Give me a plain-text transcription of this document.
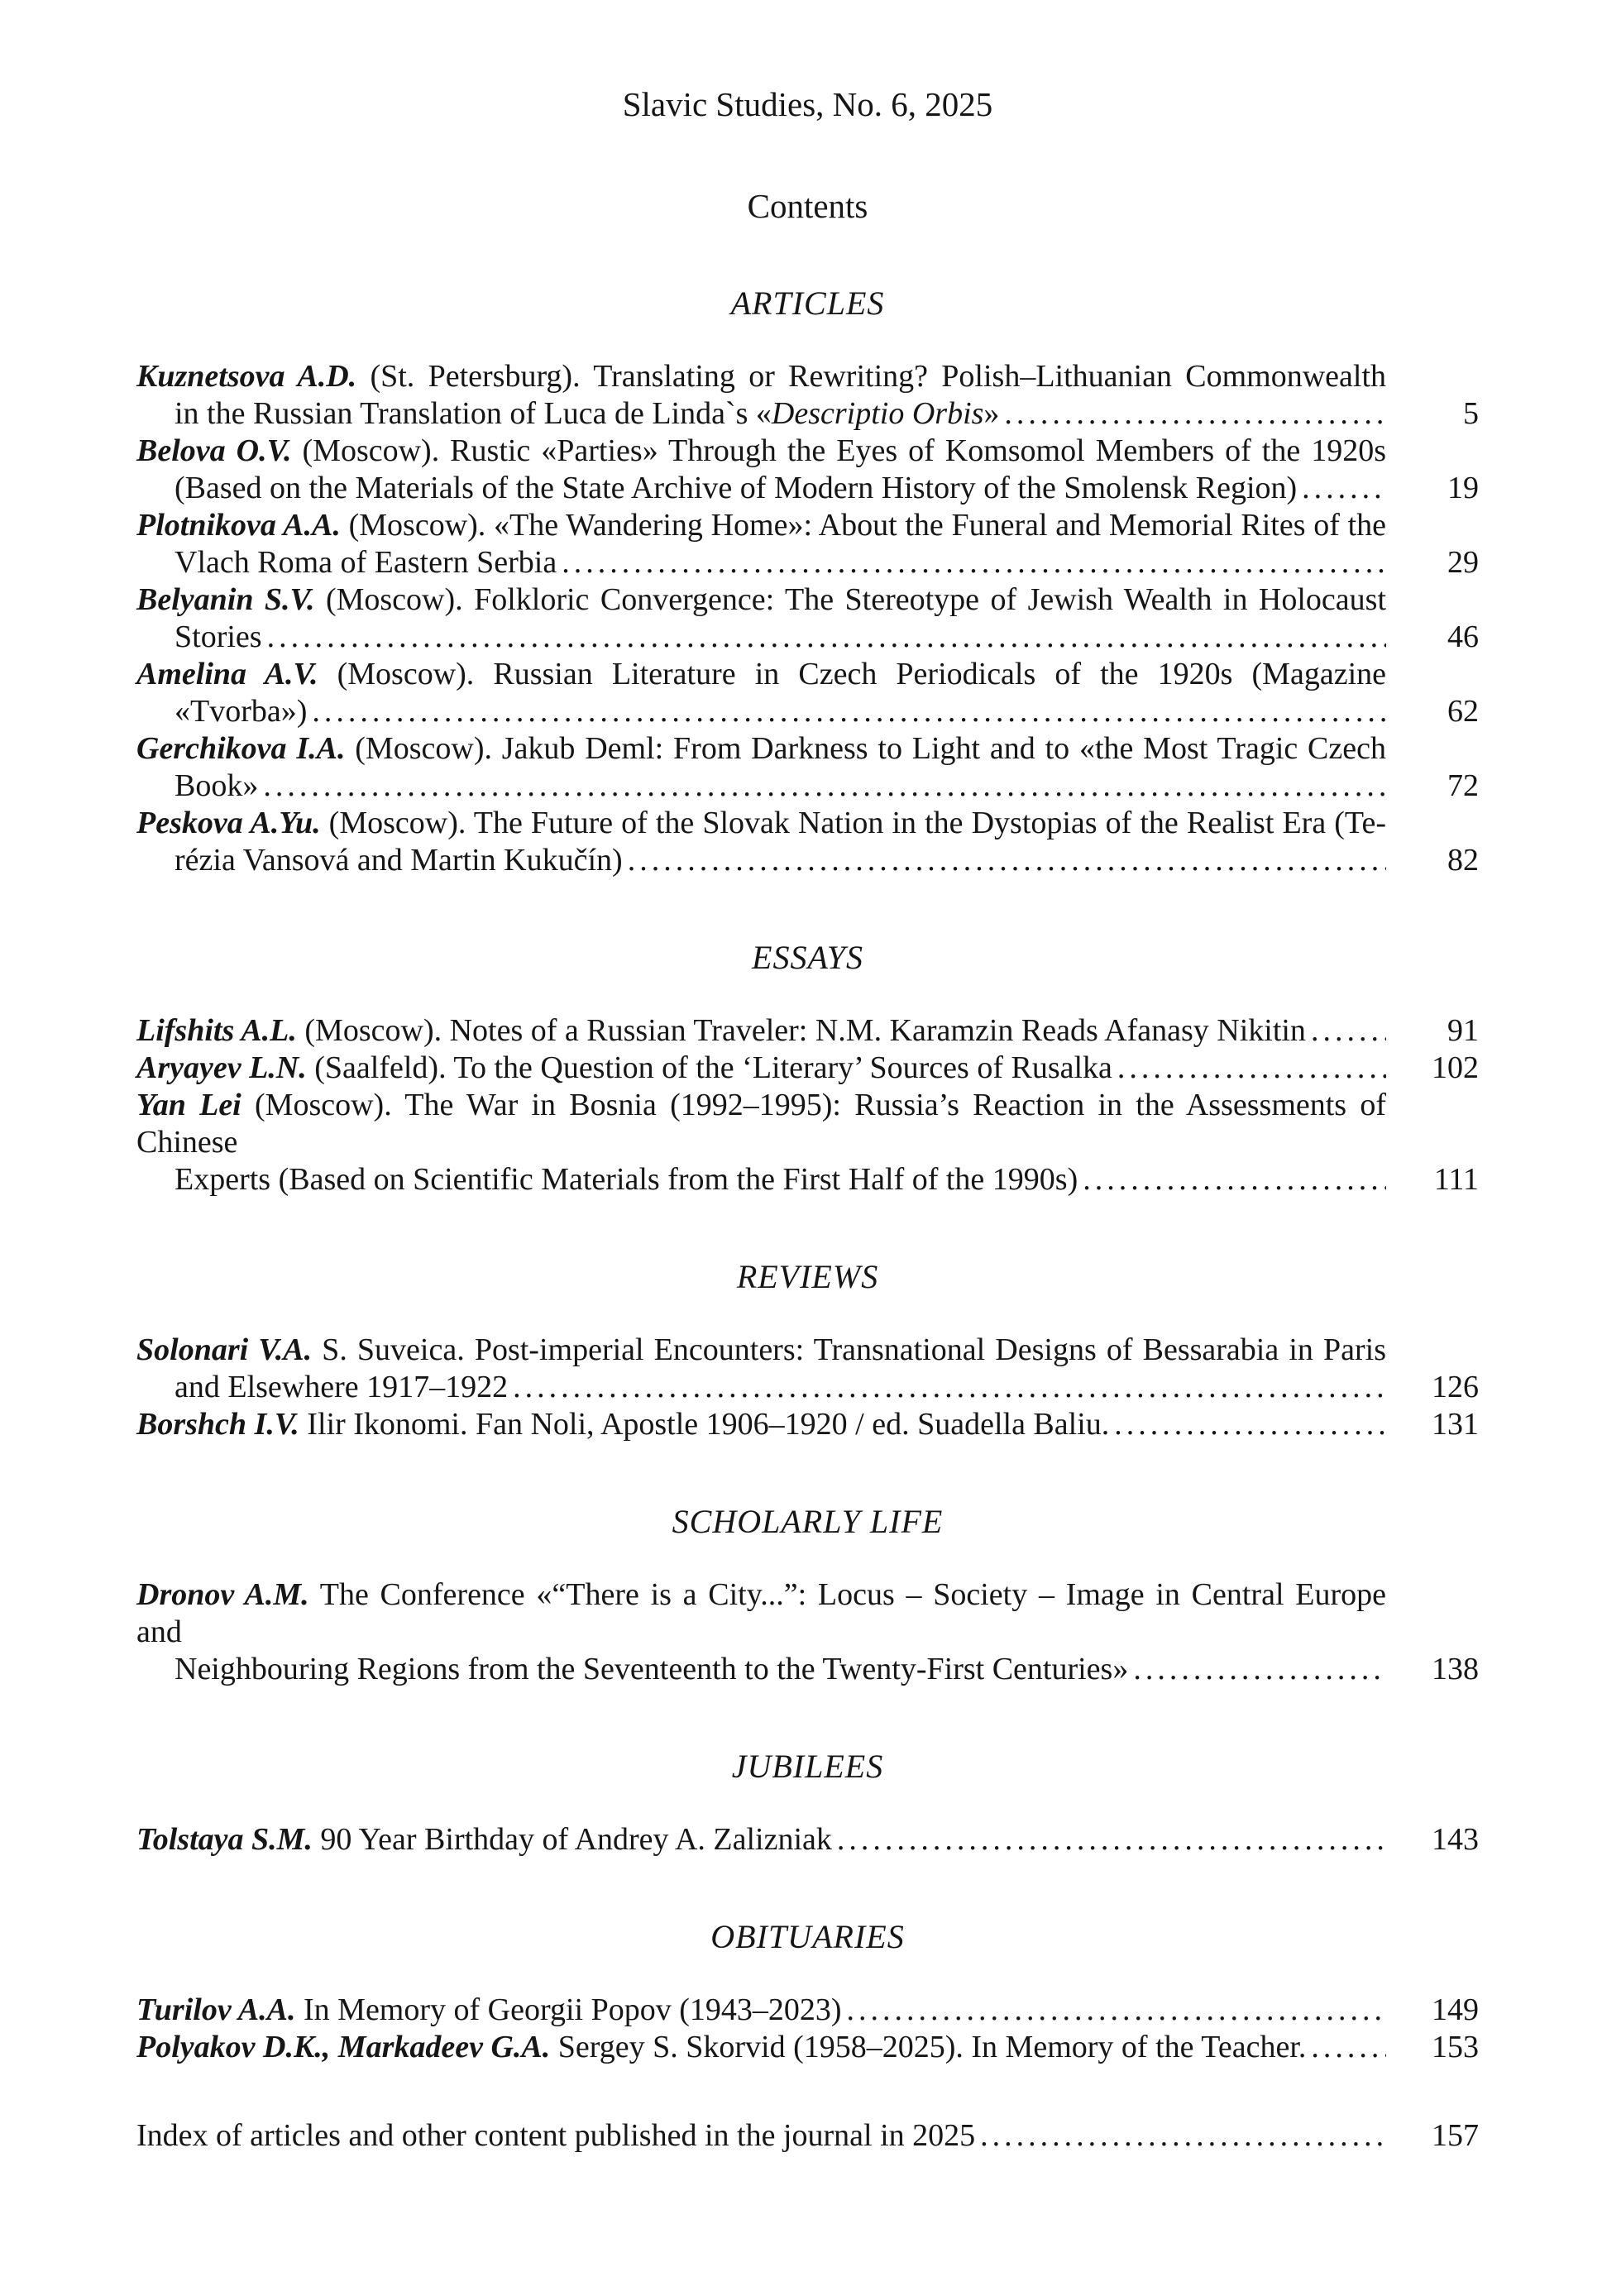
Slavic Studies, No. 6, 2025
Contents
ARTICLES
Kuznetsova A.D. (St. Petersburg). Translating or Rewriting? Polish–Lithuanian Commonwealth
in the Russian Translation of Luca de Linda`s «Descriptio Orbis» .....	5
Belova O.V. (Moscow). Rustic «Parties» Through the Eyes of Komsomol Members of the 1920s
(Based on the Materials of the State Archive of Modern History of the Smolensk Region) .....	19
Plotnikova A.A. (Moscow). «The Wandering Home»: About the Funeral and Memorial Rites of the
Vlach Roma of Eastern Serbia .....	29
Belyanin S.V. (Moscow). Folkloric Convergence: The Stereotype of Jewish Wealth in Holocaust
Stories .....	46
Amelina A.V. (Moscow). Russian Literature in Czech Periodicals of the 1920s (Magazine
«Tvorba») .....	62
Gerchikova I.A. (Moscow). Jakub Deml: From Darkness to Light and to «the Most Tragic Czech
Book» .....	72
Peskova A.Yu. (Moscow). The Future of the Slovak Nation in the Dystopias of the Realist Era (Te-
rézia Vansová and Martin Kukučín) .....	82
ESSAYS
Lifshits A.L. (Moscow). Notes of a Russian Traveler: N.M. Karamzin Reads Afanasy Nikitin .....	91
Aryayev L.N. (Saalfeld). To the Question of the ‘Literary’ Sources of Rusalka .....	102
Yan Lei (Moscow). The War in Bosnia (1992–1995): Russia’s Reaction in the Assessments of Chinese
Experts (Based on Scientific Materials from the First Half of the 1990s) .....	111
REVIEWS
Solonari V.A. S. Suveica. Post-imperial Encounters: Transnational Designs of Bessarabia in Paris
and Elsewhere 1917–1922 .....	126
Borshch I.V. Ilir Ikonomi. Fan Noli, Apostle 1906–1920 / ed. Suadella Baliu. .....	131
SCHOLARLY LIFE
Dronov A.M. The Conference «“There is a City...”: Locus – Society – Image in Central Europe and
Neighbouring Regions from the Seventeenth to the Twenty-First Centuries» .....	138
JUBILEES
Tolstaya S.M. 90 Year Birthday of Andrey A. Zalizniak .....	143
OBITUARIES
Turilov A.A. In Memory of Georgii Popov (1943–2023) .....	149
Polyakov D.K., Markadeev G.A. Sergey S. Skorvid (1958–2025). In Memory of the Teacher. .....	153
Index of articles and other content published in the journal in 2025 .....	157
